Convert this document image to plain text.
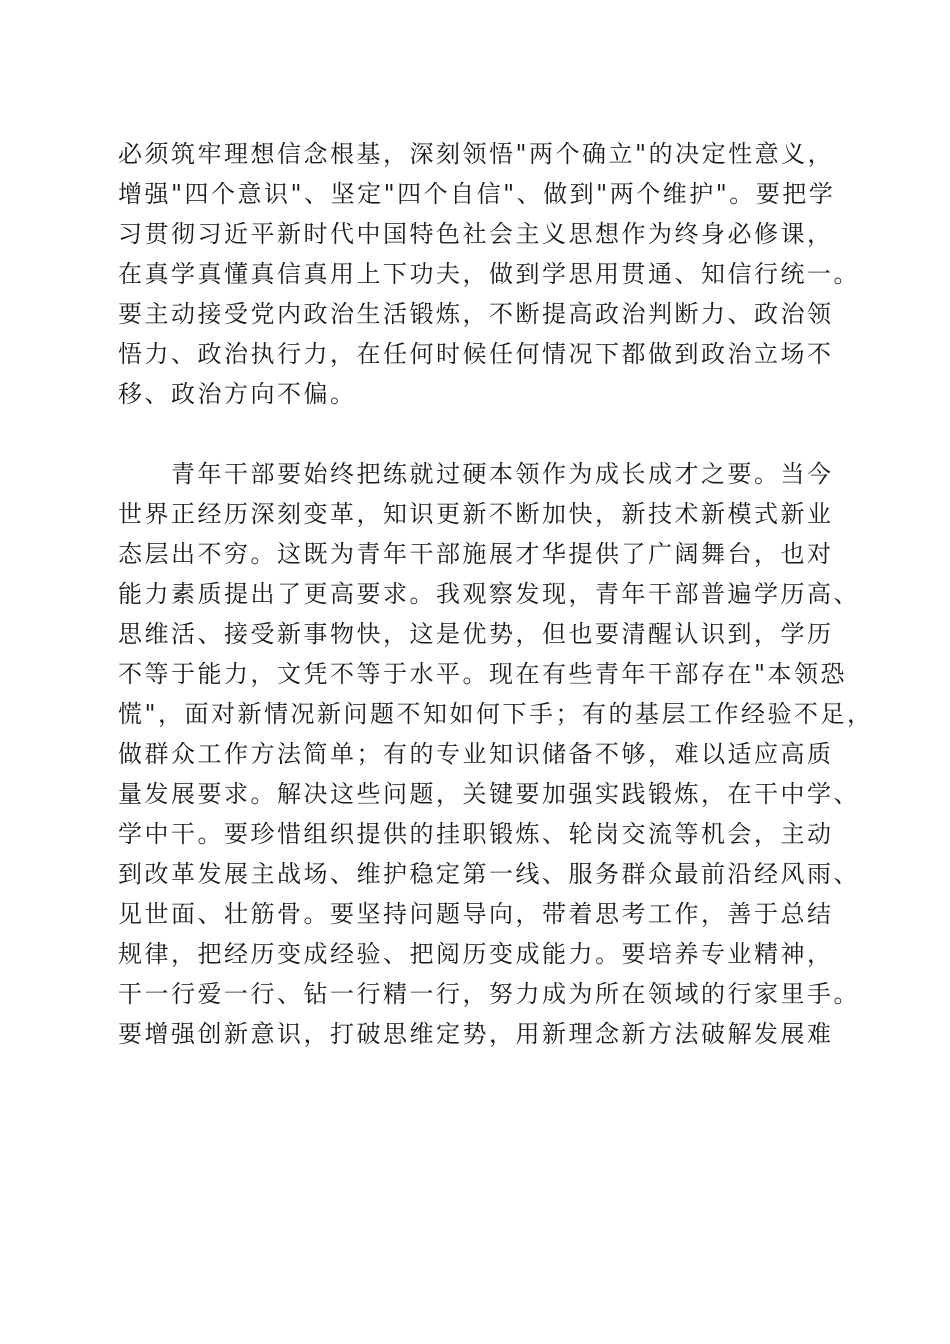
必须筑牢理想信念根基，深刻领悟"两个确立"的决定性意义，
增强"四个意识"、坚定"四个自信"、做到"两个维护"。要把学
习贯彻习近平新时代中国特色社会主义思想作为终身必修课，
在真学真懂真信真用上下功夫，做到学思用贯通、知信行统一。
要主动接受党内政治生活锻炼，不断提高政治判断力、政治领
悟力、政治执行力，在任何时候任何情况下都做到政治立场不
移、政治方向不偏。
　　青年干部要始终把练就过硬本领作为成长成才之要。当今
世界正经历深刻变革，知识更新不断加快，新技术新模式新业
态层出不穷。这既为青年干部施展才华提供了广阔舞台，也对
能力素质提出了更高要求。我观察发现，青年干部普遍学历高、
思维活、接受新事物快，这是优势，但也要清醒认识到，学历
不等于能力，文凭不等于水平。现在有些青年干部存在"本领恐
慌"，面对新情况新问题不知如何下手；有的基层工作经验不足，
做群众工作方法简单；有的专业知识储备不够，难以适应高质
量发展要求。解决这些问题，关键要加强实践锻炼，在干中学、
学中干。要珍惜组织提供的挂职锻炼、轮岗交流等机会，主动
到改革发展主战场、维护稳定第一线、服务群众最前沿经风雨、
见世面、壮筋骨。要坚持问题导向，带着思考工作，善于总结
规律，把经历变成经验、把阅历变成能力。要培养专业精神，
干一行爱一行、钻一行精一行，努力成为所在领域的行家里手。
要增强创新意识，打破思维定势，用新理念新方法破解发展难
